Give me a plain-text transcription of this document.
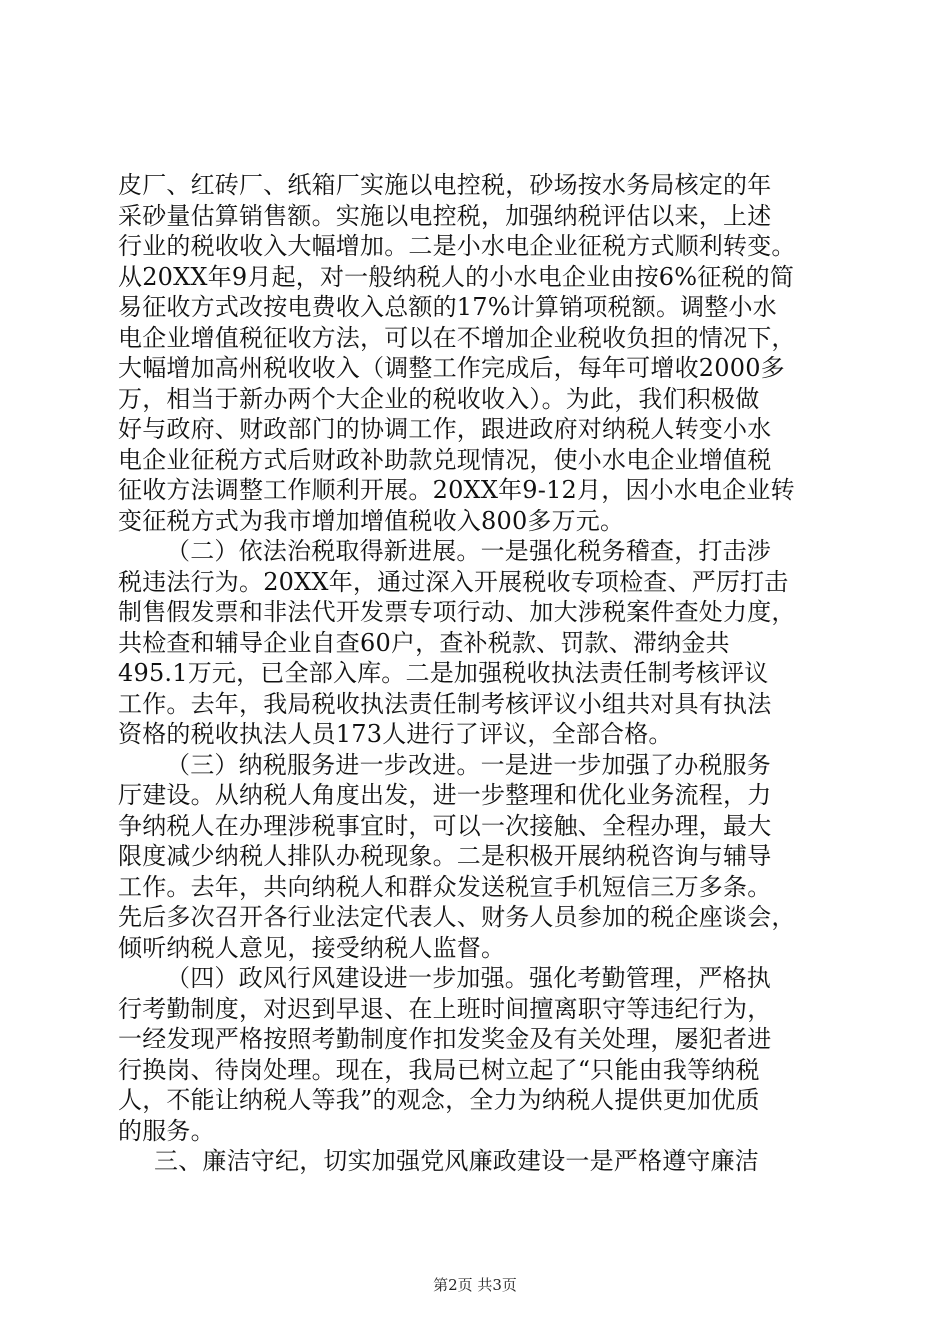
皮厂、红砖厂、纸箱厂实施以电控税，砂场按水务局核定的年
采砂量估算销售额。实施以电控税，加强纳税评估以来，上述
行业的税收收入大幅增加。二是小水电企业征税方式顺利转变。
从20XX年9月起，对一般纳税人的小水电企业由按6%征税的简
易征收方式改按电费收入总额的17%计算销项税额。调整小水
电企业增值税征收方法，可以在不增加企业税收负担的情况下，
大幅增加高州税收收入（调整工作完成后，每年可增收2000多
万，相当于新办两个大企业的税收收入）。为此，我们积极做
好与政府、财政部门的协调工作，跟进政府对纳税人转变小水
电企业征税方式后财政补助款兑现情况，使小水电企业增值税
征收方法调整工作顺利开展。20XX年9-12月，因小水电企业转
变征税方式为我市增加增值税收入800多万元。
（二）依法治税取得新进展。一是强化税务稽查，打击涉
税违法行为。20XX年，通过深入开展税收专项检查、严厉打击
制售假发票和非法代开发票专项行动、加大涉税案件查处力度，
共检查和辅导企业自查60户，查补税款、罚款、滞纳金共
495.1万元，已全部入库。二是加强税收执法责任制考核评议
工作。去年，我局税收执法责任制考核评议小组共对具有执法
资格的税收执法人员173人进行了评议，全部合格。
（三）纳税服务进一步改进。一是进一步加强了办税服务
厅建设。从纳税人角度出发，进一步整理和优化业务流程，力
争纳税人在办理涉税事宜时，可以一次接触、全程办理，最大
限度减少纳税人排队办税现象。二是积极开展纳税咨询与辅导
工作。去年，共向纳税人和群众发送税宣手机短信三万多条。
先后多次召开各行业法定代表人、财务人员参加的税企座谈会，
倾听纳税人意见，接受纳税人监督。
（四）政风行风建设进一步加强。强化考勤管理，严格执
行考勤制度，对迟到早退、在上班时间擅离职守等违纪行为，
一经发现严格按照考勤制度作扣发奖金及有关处理，屡犯者进
行换岗、待岗处理。现在，我局已树立起了“只能由我等纳税
人，不能让纳税人等我”的观念，全力为纳税人提供更加优质
的服务。
三、廉洁守纪，切实加强党风廉政建设一是严格遵守廉洁
第2页 共3页
